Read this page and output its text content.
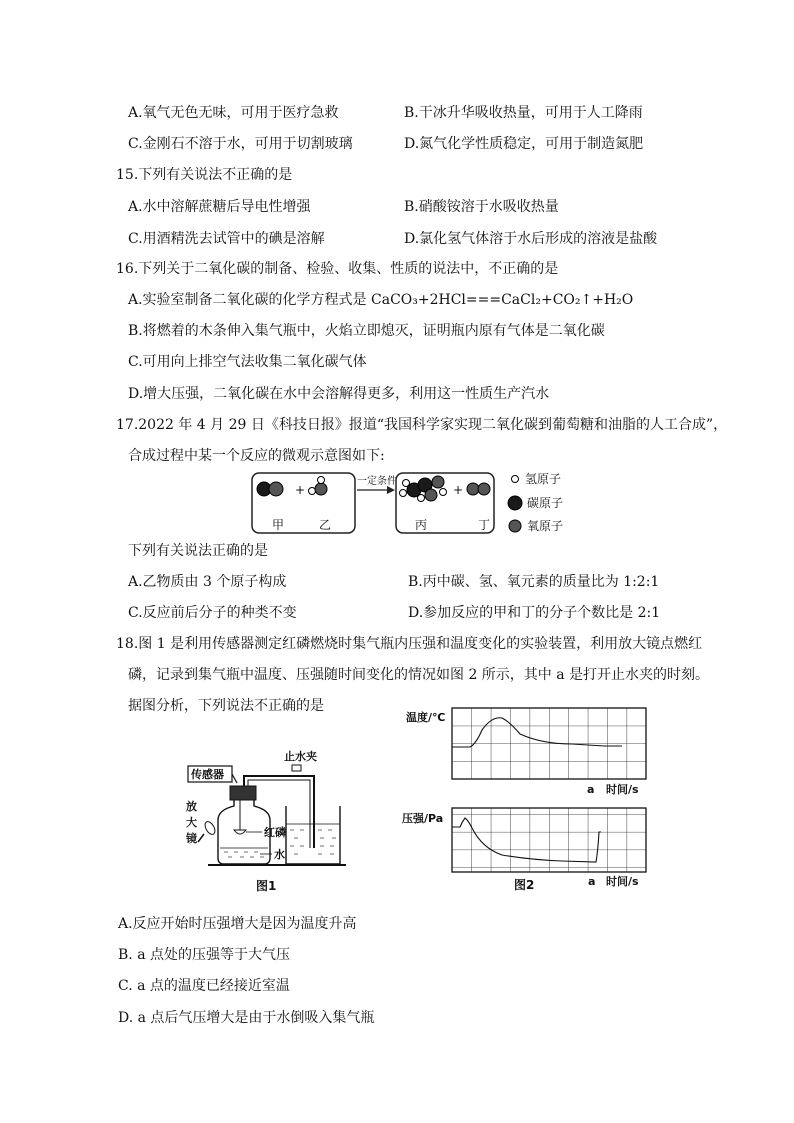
A.氧气无色无味，可用于医疗急救	B.干冰升华吸收热量，可用于人工降雨
C.金刚石不溶于水，可用于切割玻璃	D.氮气化学性质稳定，可用于制造氮肥
15.下列有关说法不正确的是
A.水中溶解蔗糖后导电性增强	B.硝酸铵溶于水吸收热量
C.用酒精洗去试管中的碘是溶解	D.氯化氢气体溶于水后形成的溶液是盐酸
16.下列关于二氧化碳的制备、检验、收集、性质的说法中，不正确的是
A.实验室制备二氧化碳的化学方程式是 CaCO₃+2HCl===CaCl₂+CO₂↑+H₂O
B.将燃着的木条伸入集气瓶中，火焰立即熄灭，证明瓶内原有气体是二氧化碳
C.可用向上排空气法收集二氧化碳气体
D.增大压强，二氧化碳在水中会溶解得更多，利用这一性质生产汽水
17.2022 年 4 月 29 日《科技日报》报道“我国科学家实现二氧化碳到葡萄糖和油脂的人工合成”，
合成过程中某一个反应的微观示意图如下:
+
甲	乙
一定条件
+
丙	丁
氢原子
碳原子
氧原子
下列有关说法正确的是
A.乙物质由 3 个原子构成	B.丙中碳、氢、氧元素的质量比为 1:2:1
C.反应前后分子的种类不变	D.参加反应的甲和丁的分子个数比是 2:1
18.图 1 是利用传感器测定红磷燃烧时集气瓶内压强和温度变化的实验装置，利用放大镜点燃红
磷，记录到集气瓶中温度、压强随时间变化的情况如图 2 所示，其中 a 是打开止水夹的时刻。
据图分析，下列说法不正确的是
传感器
止水夹
放
大
镜	红磷
水
图1
温度/℃
a 时间/s
压强/Pa
a 时间/s
图2
A.反应开始时压强增大是因为温度升高
B. a 点处的压强等于大气压
C. a 点的温度已经接近室温
D. a 点后气压增大是由于水倒吸入集气瓶
